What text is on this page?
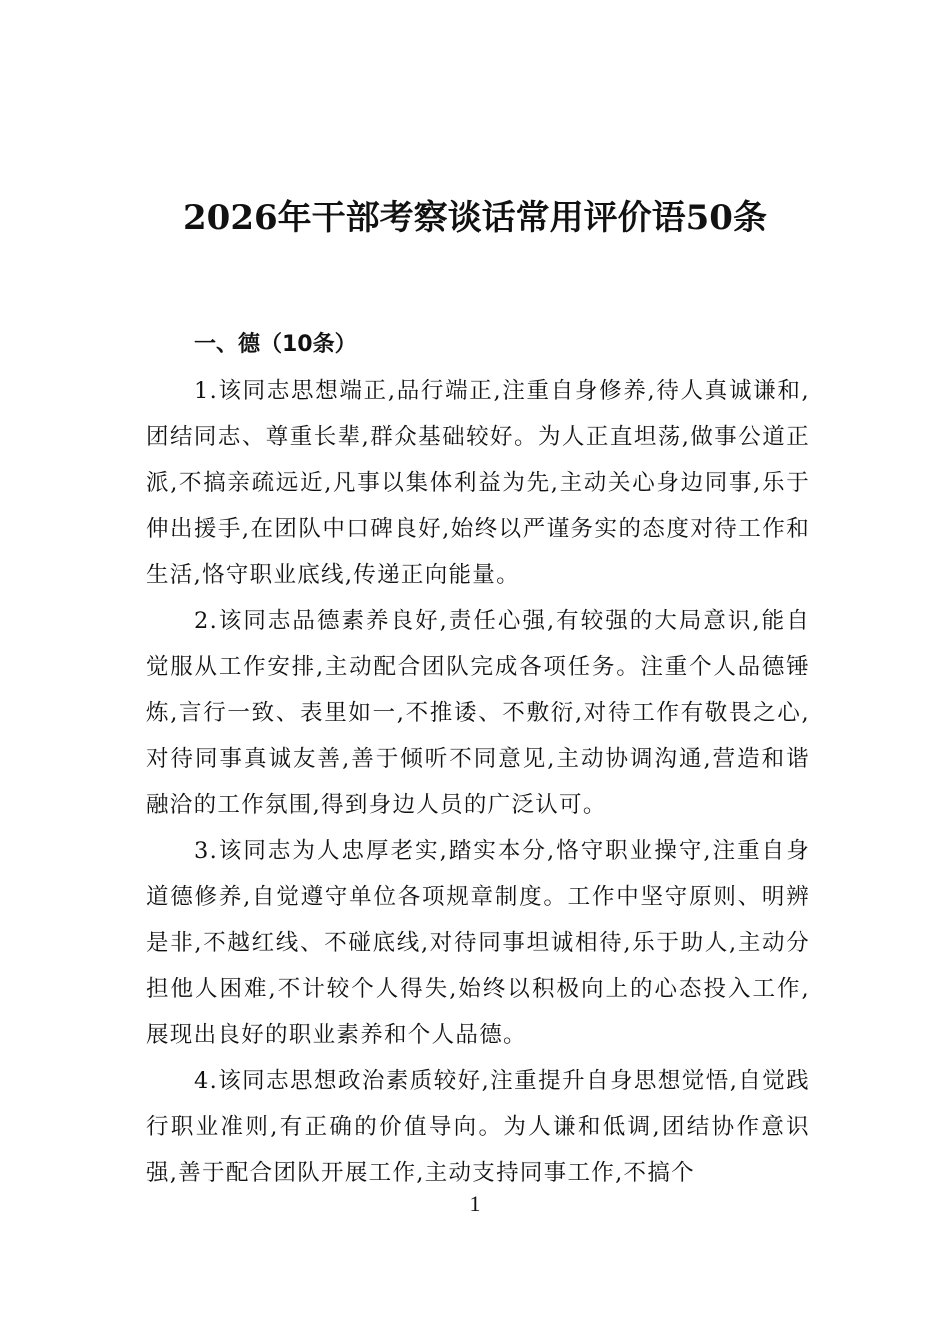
2026年干部考察谈话常用评价语50条

一、德（10条）

1.该同志思想端正,品行端正,注重自身修养,待人真诚谦和,团结同志、尊重长辈,群众基础较好。为人正直坦荡,做事公道正派,不搞亲疏远近,凡事以集体利益为先,主动关心身边同事,乐于伸出援手,在团队中口碑良好,始终以严谨务实的态度对待工作和生活,恪守职业底线,传递正向能量。

2.该同志品德素养良好,责任心强,有较强的大局意识,能自觉服从工作安排,主动配合团队完成各项任务。注重个人品德锤炼,言行一致、表里如一,不推诿、不敷衍,对待工作有敬畏之心,对待同事真诚友善,善于倾听不同意见,主动协调沟通,营造和谐融洽的工作氛围,得到身边人员的广泛认可。

3.该同志为人忠厚老实,踏实本分,恪守职业操守,注重自身道德修养,自觉遵守单位各项规章制度。工作中坚守原则、明辨是非,不越红线、不碰底线,对待同事坦诚相待,乐于助人,主动分担他人困难,不计较个人得失,始终以积极向上的心态投入工作,展现出良好的职业素养和个人品德。

4.该同志思想政治素质较好,注重提升自身思想觉悟,自觉践行职业准则,有正确的价值导向。为人谦和低调,团结协作意识强,善于配合团队开展工作,主动支持同事工作,不搞个

1
